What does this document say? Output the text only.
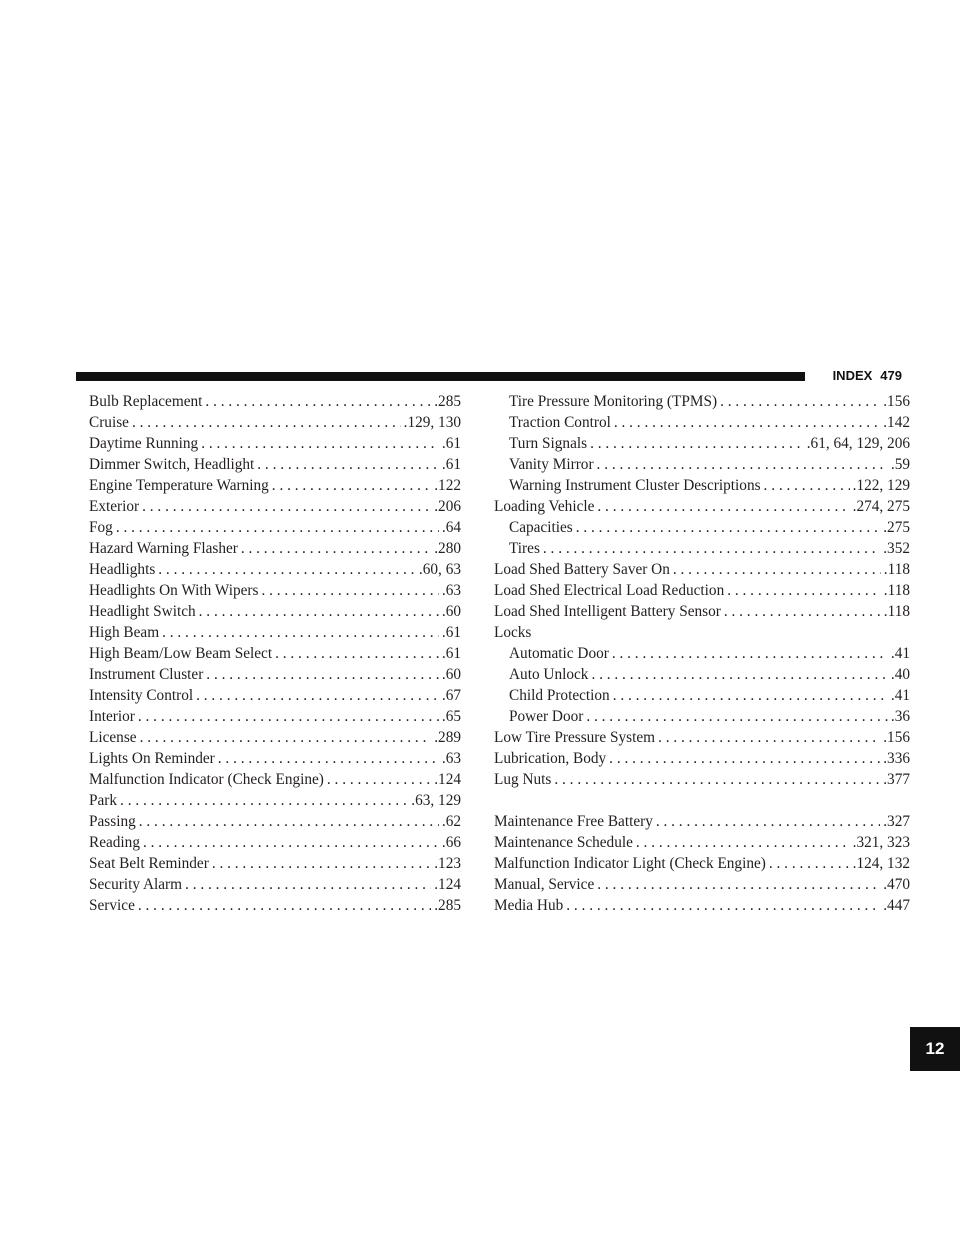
INDEX 479
Bulb Replacement . . .	.285
Cruise . . .	.129, 130
Daytime Running . . .	.61
Dimmer Switch, Headlight . . .	.61
Engine Temperature Warning . . .	.122
Exterior . . .	.206
Fog . . .	.64
Hazard Warning Flasher . . .	.280
Headlights . . .	.60, 63
Headlights On With Wipers . . .	.63
Headlight Switch . . .	.60
High Beam . . .	.61
High Beam/Low Beam Select . . .	.61
Instrument Cluster . . .	.60
Intensity Control . . .	.67
Interior . . .	.65
License . . .	.289
Lights On Reminder . . .	.63
Malfunction Indicator (Check Engine) . . .	.124
Park . . .	.63, 129
Passing . . .	.62
Reading . . .	.66
Seat Belt Reminder . . .	.123
Security Alarm . . .	.124
Service . . .	.285
Tire Pressure Monitoring (TPMS) . . .	.156
Traction Control . . .	.142
Turn Signals . . .	.61, 64, 129, 206
Vanity Mirror . . .	.59
Warning Instrument Cluster Descriptions . . .	.122, 129
Loading Vehicle . . .	.274, 275
Capacities . . .	.275
Tires . . .	.352
Load Shed Battery Saver On . . .	.118
Load Shed Electrical Load Reduction . . .	.118
Load Shed Intelligent Battery Sensor . . .	.118
Locks
Automatic Door . . .	.41
Auto Unlock . . .	.40
Child Protection . . .	.41
Power Door . . .	.36
Low Tire Pressure System . . .	.156
Lubrication, Body . . .	.336
Lug Nuts . . .	.377
Maintenance Free Battery . . .	.327
Maintenance Schedule . . .	.321, 323
Malfunction Indicator Light (Check Engine) . . .	.124, 132
Manual, Service . . .	.470
Media Hub . . .	.447
12
